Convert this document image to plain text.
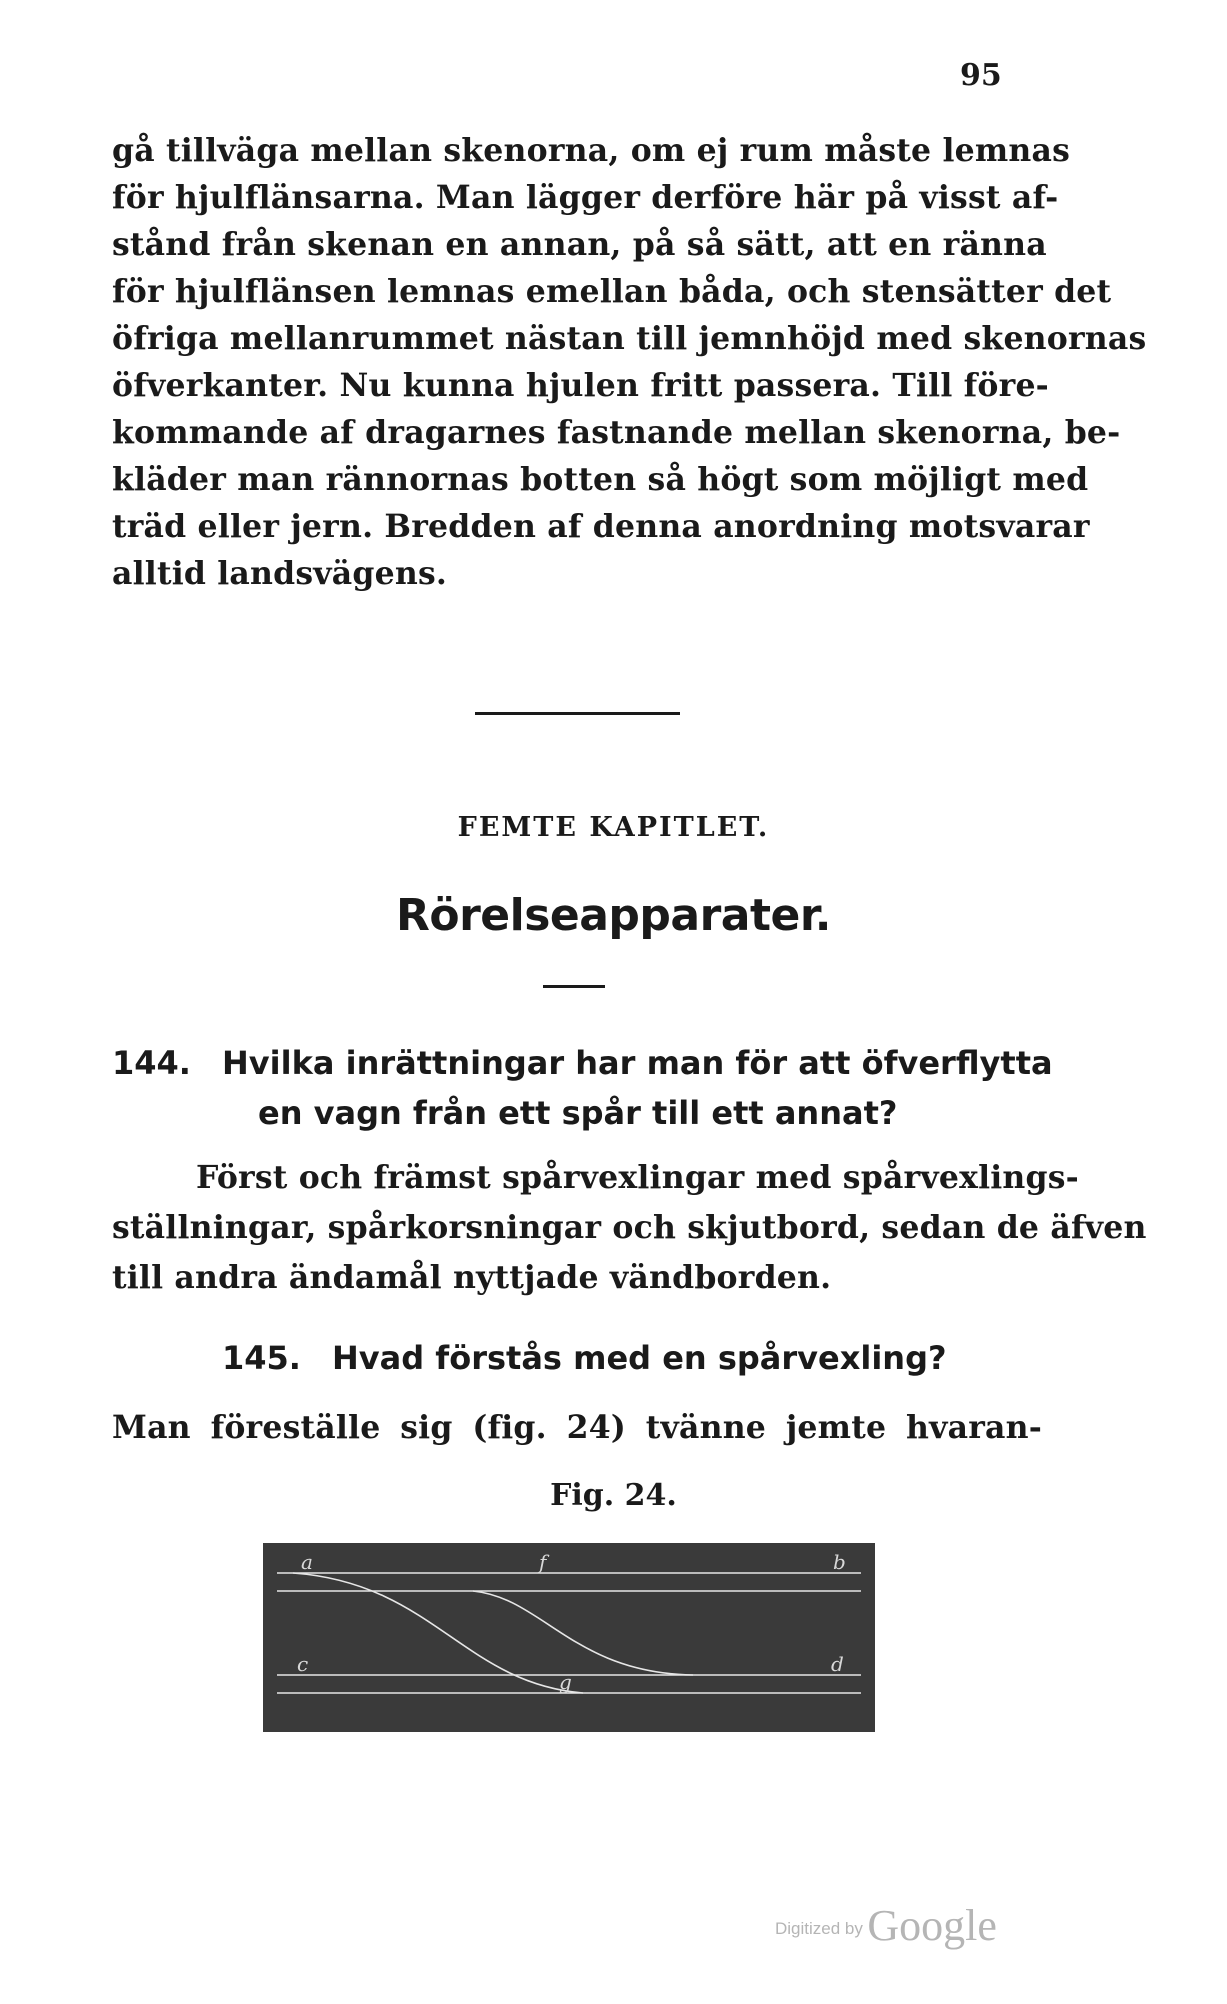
95
gå tillväga mellan skenorna, om ej rum måste lemnas
för hjulflänsarna. Man lägger derföre här på visst af-
stånd från skenan en annan, på så sätt, att en ränna
för hjulflänsen lemnas emellan båda, och stensätter det
öfriga mellanrummet nästan till jemnhöjd med skenornas
öfverkanter. Nu kunna hjulen fritt passera. Till före-
kommande af dragarnes fastnande mellan skenorna, be-
kläder man rännornas botten så högt som möjligt med
träd eller jern. Bredden af denna anordning motsvarar
alltid landsvägens.
FEMTE KAPITLET.
Rörelseapparater.
144. Hvilka inrättningar har man för att öfverflytta
en vagn från ett spår till ett annat?
Först och främst spårvexlingar med spårvexlings-
ställningar, spårkorsningar och skjutbord, sedan de äfven
till andra ändamål nyttjade vändborden.
145. Hvad förstås med en spårvexling?
Man föreställe sig (fig. 24) tvänne jemte hvaran-
Fig. 24.
a	f	b
c
g
d
Digitized by Google
